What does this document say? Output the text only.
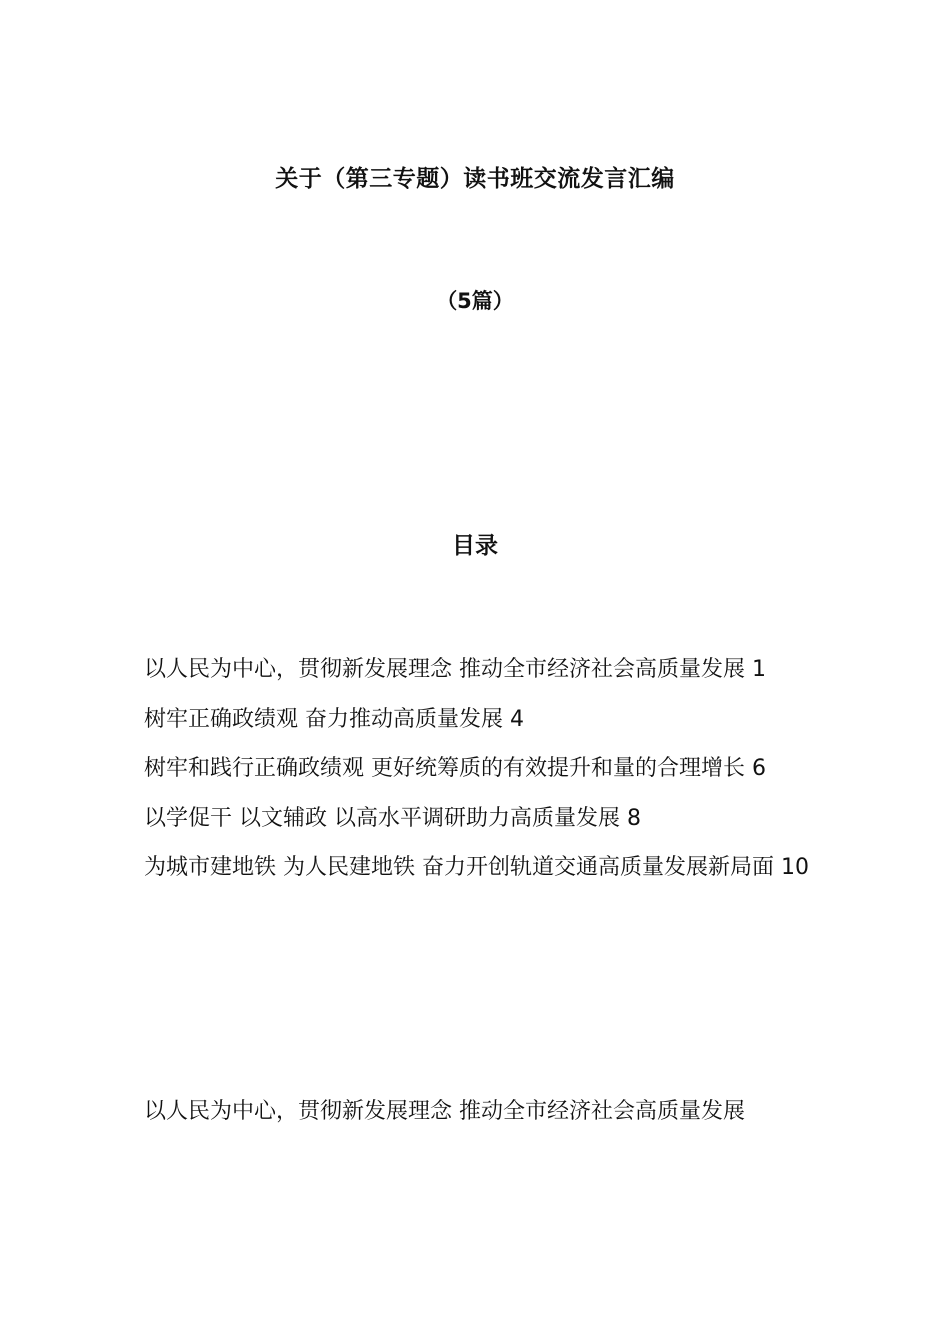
关于（第三专题）读书班交流发言汇编
（5篇）
目录
以人民为中心，贯彻新发展理念 推动全市经济社会高质量发展 1
树牢正确政绩观 奋力推动高质量发展 4
树牢和践行正确政绩观 更好统筹质的有效提升和量的合理增长 6
以学促干 以文辅政 以高水平调研助力高质量发展 8
为城市建地铁 为人民建地铁 奋力开创轨道交通高质量发展新局面 10
以人民为中心，贯彻新发展理念 推动全市经济社会高质量发展
